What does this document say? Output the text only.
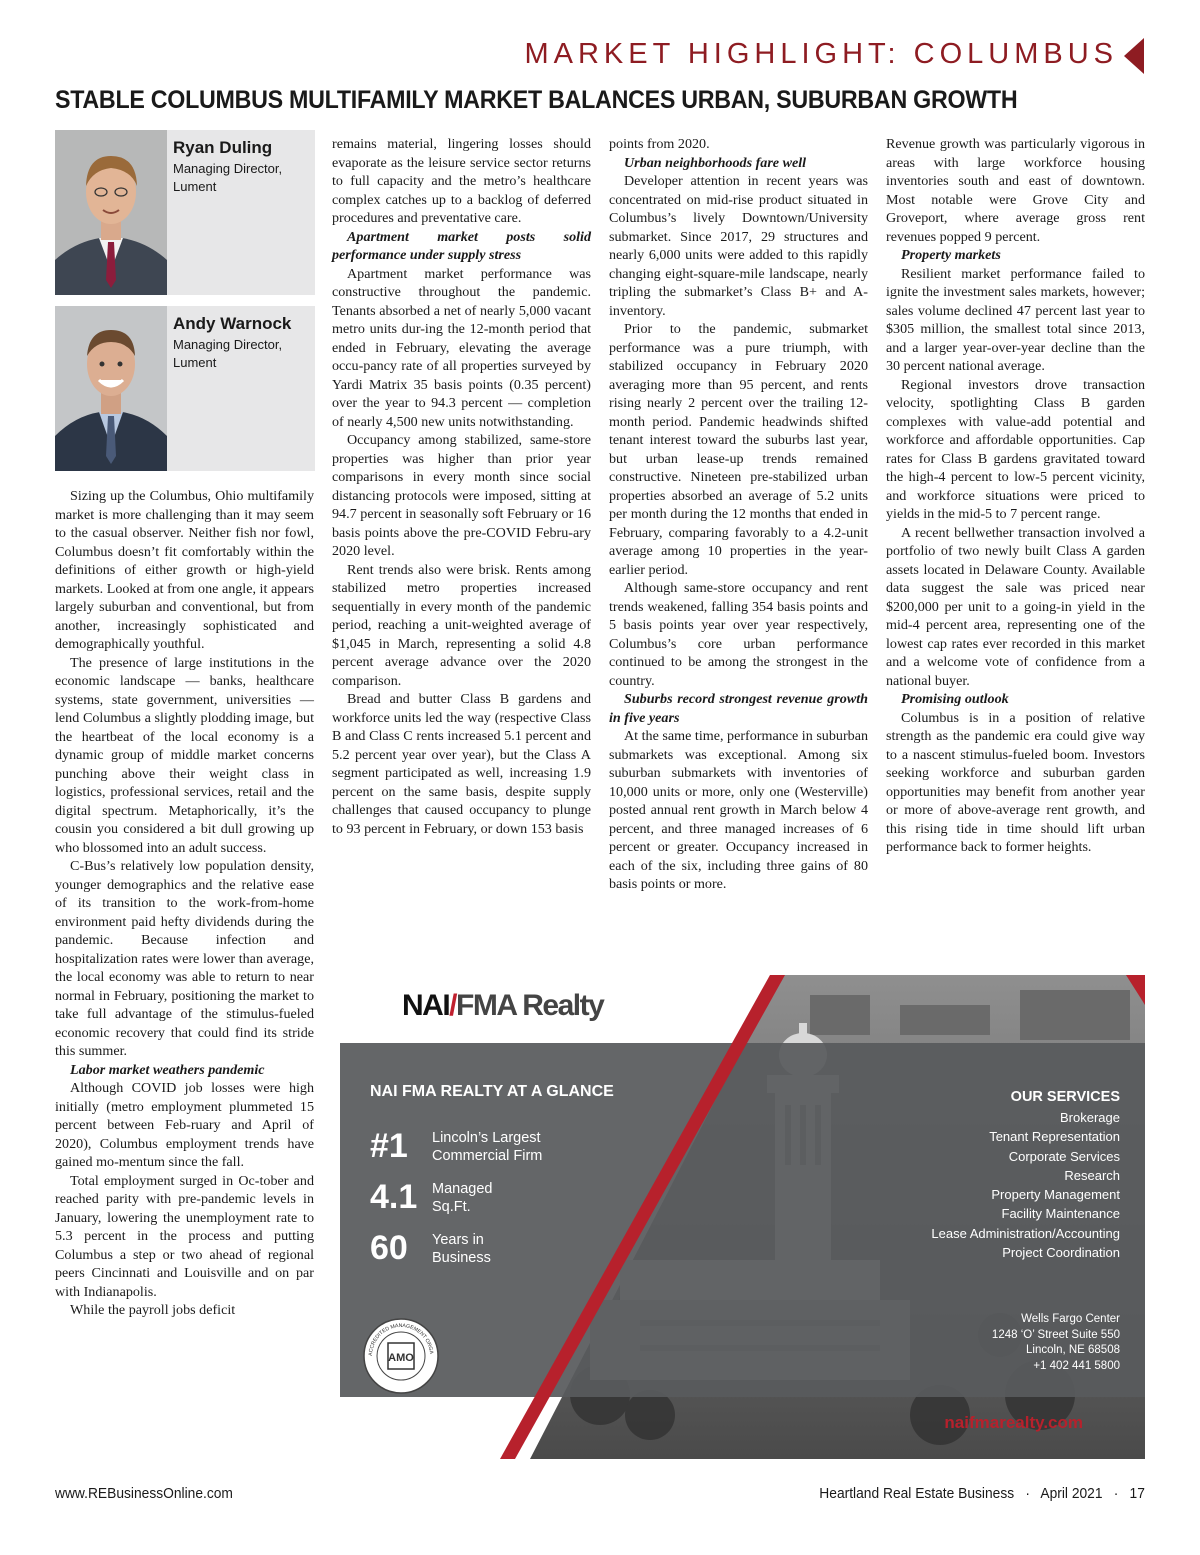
MARKET HIGHLIGHT: COLUMBUS
STABLE COLUMBUS MULTIFAMILY MARKET BALANCES URBAN, SUBURBAN GROWTH
Ryan Duling
Managing Director,
Lument
Andy Warnock
Managing Director,
Lument

Sizing up the Columbus, Ohio multifamily market is more challenging than it may seem to the casual observer. Neither fish nor fowl, Columbus doesn’t fit comfortably within the definitions of either growth or high-yield markets. Looked at from one angle, it appears largely suburban and conventional, but from another, increasingly sophisticated and demographically youthful.

The presence of large institutions in the economic landscape — banks, healthcare systems, state government, universities — lend Columbus a slightly plodding image, but the heartbeat of the local economy is a dynamic group of middle market concerns punching above their weight class in logistics, professional services, retail and the digital spectrum. Metaphorically, it’s the cousin you considered a bit dull growing up who blossomed into an adult success.

C-Bus’s relatively low population density, younger demographics and the relative ease of its transition to the work-from-home environment paid hefty dividends during the pandemic. Because infection and hospitalization rates were lower than average, the local economy was able to return to near normal in February, positioning the market to take full advantage of the stimulus-fueled economic recovery that could find its stride this summer.

Labor market weathers pandemic

Although COVID job losses were high initially (metro employment plummeted 15 percent between Feb-ruary and April of 2020), Columbus employment trends have gained mo-mentum since the fall.

Total employment surged in Oc-tober and reached parity with pre-pandemic levels in January, lowering the unemployment rate to 5.3 percent in the process and putting Columbus a step or two ahead of regional peers Cincinnati and Louisville and on par with Indianapolis.

While the payroll jobs deficit

remains material, lingering losses should evaporate as the leisure service sector returns to full capacity and the metro’s healthcare complex catches up to a backlog of deferred procedures and preventative care.

Apartment market posts solid performance under supply stress

Apartment market performance was constructive throughout the pandemic. Tenants absorbed a net of nearly 5,000 vacant metro units dur-ing the 12-month period that ended in February, elevating the average occu-pancy rate of all properties surveyed by Yardi Matrix 35 basis points (0.35 percent) over the year to 94.3 percent — completion of nearly 4,500 new units notwithstanding.

Occupancy among stabilized, same-store properties was higher than prior year comparisons in every month since social distancing protocols were imposed, sitting at 94.7 percent in seasonally soft February or 16 basis points above the pre-COVID Febru-ary 2020 level.

Rent trends also were brisk. Rents among stabilized metro properties increased sequentially in every month of the pandemic period, reaching a unit-weighted average of $1,045 in March, representing a solid 4.8 percent average advance over the 2020 comparison.

Bread and butter Class B gardens and workforce units led the way (respective Class B and Class C rents increased 5.1 percent and 5.2 percent year over year), but the Class A segment participated as well, increasing 1.9 percent on the same basis, despite supply challenges that caused occupancy to plunge to 93 percent in February, or down 153 basis

points from 2020.

Urban neighborhoods fare well

Developer attention in recent years was concentrated on mid-rise product situated in Columbus’s lively Downtown/University submarket. Since 2017, 29 structures and nearly 6,000 units were added to this rapidly changing eight-square-mile landscape, nearly tripling the submarket’s Class B+ and A- inventory.

Prior to the pandemic, submarket performance was a pure triumph, with stabilized occupancy in February 2020 averaging more than 95 percent, and rents rising nearly 2 percent over the trailing 12-month period. Pandemic headwinds shifted tenant interest toward the suburbs last year, but urban lease-up trends remained constructive. Nineteen pre-stabilized urban properties absorbed an average of 5.2 units per month during the 12 months that ended in February, comparing favorably to a 4.2-unit average among 10 properties in the year-earlier period.

Although same-store occupancy and rent trends weakened, falling 354 basis points and 5 basis points year over year respectively, Columbus’s core urban performance continued to be among the strongest in the country.

Suburbs record strongest revenue growth in five years

At the same time, performance in suburban submarkets was exceptional. Among six suburban submarkets with inventories of 10,000 units or more, only one (Westerville) posted annual rent growth in March below 4 percent, and three managed increases of 6 percent or greater. Occupancy increased in each of the six, including three gains of 80 basis points or more.

Revenue growth was particularly vigorous in areas with large workforce housing inventories south and east of downtown. Most notable were Grove City and Groveport, where average gross rent revenues popped 9 percent.

Property markets

Resilient market performance failed to ignite the investment sales markets, however; sales volume declined 47 percent last year to $305 million, the smallest total since 2013, and a larger year-over-year decline than the 30 percent national average.

Regional investors drove transaction velocity, spotlighting Class B garden complexes with value-add potential and workforce and affordable opportunities. Cap rates for Class B gardens gravitated toward the high-4 percent to low-5 percent vicinity, and workforce situations were priced to yields in the mid-5 to 7 percent range.

A recent bellwether transaction involved a portfolio of two newly built Class A garden assets located in Delaware County. Available data suggest the sale was priced near $200,000 per unit to a going-in yield in the mid-4 percent area, representing one of the lowest cap rates ever recorded in this market and a welcome vote of confidence from a national buyer.

Promising outlook

Columbus is in a position of relative strength as the pandemic era could give way to a nascent stimulus-fueled boom. Investors seeking workforce and suburban garden opportunities may benefit from another year or more of above-average rent growth, and this rising tide in time should lift urban performance back to former heights.

NAI/FMA Realty
NAI FMA REALTY AT A GLANCE
#1 Lincoln’s Largest
Commercial Firm
4.1 Managed
Sq.Ft.
60 Years in
Business
OUR SERVICES
Brokerage
Tenant Representation
Corporate Services
Research
Property Management
Facility Maintenance
Lease Administration/Accounting
Project Coordination
Wells Fargo Center
1248 ‘O’ Street Suite 550
Lincoln, NE 68508
+1 402 441 5800
AMO
ACCREDITED MANAGEMENT ORGA
naifmarealty.com
www.REBusinessOnline.com	Heartland Real Estate Business · April 2021 · 17
